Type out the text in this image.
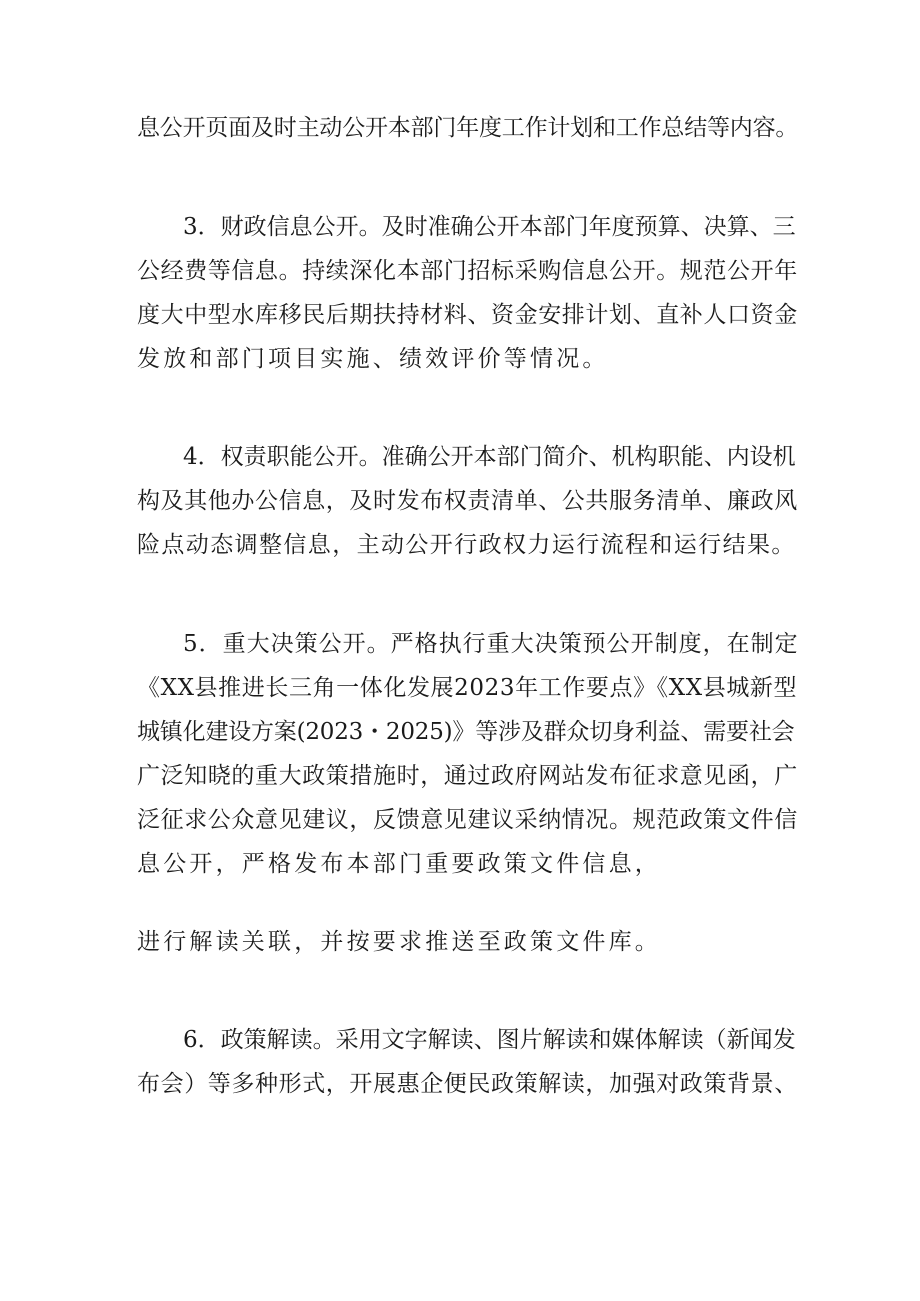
息公开页面及时主动公开本部门年度工作计划和工作总结等内容。
3．财政信息公开。及时准确公开本部门年度预算、决算、三
公经费等信息。持续深化本部门招标采购信息公开。规范公开年
度大中型水库移民后期扶持材料、资金安排计划、直补人口资金
发放和部门项目实施、绩效评价等情况。
4．权责职能公开。准确公开本部门简介、机构职能、内设机
构及其他办公信息，及时发布权责清单、公共服务清单、廉政风
险点动态调整信息，主动公开行政权力运行流程和运行结果。
5．重大决策公开。严格执行重大决策预公开制度，在制定
《XX县推进长三角一体化发展2023年工作要点》《XX县城新型
城镇化建设方案(2023・2025)》等涉及群众切身利益、需要社会
广泛知晓的重大政策措施时，通过政府网站发布征求意见函，广
泛征求公众意见建议，反馈意见建议采纳情况。规范政策文件信
息公开，严格发布本部门重要政策文件信息，
进行解读关联，并按要求推送至政策文件库。
6．政策解读。采用文字解读、图片解读和媒体解读（新闻发
布会）等多种形式，开展惠企便民政策解读，加强对政策背景、
